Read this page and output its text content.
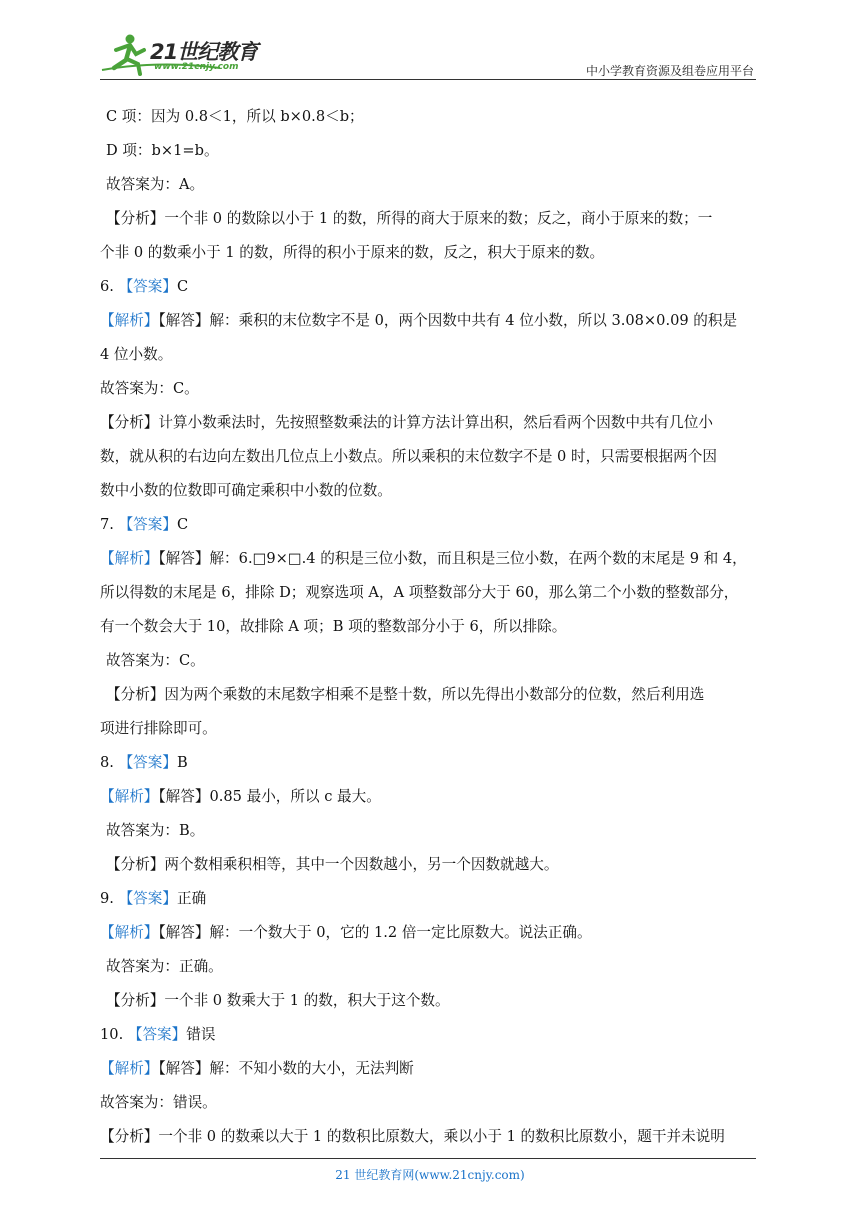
21世纪教育
www.21cnjy.com	中小学教育资源及组卷应用平台
C 项：因为 0.8＜1，所以 b×0.8＜b；
D 项：b×1=b。
故答案为：A。
【分析】一个非 0 的数除以小于 1 的数，所得的商大于原来的数；反之，商小于原来的数；一
个非 0 的数乘小于 1 的数，所得的积小于原来的数，反之，积大于原来的数。
6. 【答案】C
【解析】【解答】解：乘积的末位数字不是 0，两个因数中共有 4 位小数，所以 3.08×0.09 的积是
4 位小数。
故答案为：C。
【分析】计算小数乘法时，先按照整数乘法的计算方法计算出积，然后看两个因数中共有几位小
数，就从积的右边向左数出几位点上小数点。所以乘积的末位数字不是 0 时，只需要根据两个因
数中小数的位数即可确定乘积中小数的位数。
7. 【答案】C
【解析】【解答】解：6.□9×□.4 的积是三位小数，而且积是三位小数，在两个数的末尾是 9 和 4，
所以得数的末尾是 6，排除 D；观察选项 A，A 项整数部分大于 60，那么第二个小数的整数部分，
有一个数会大于 10，故排除 A 项；B 项的整数部分小于 6，所以排除。
故答案为：C。
【分析】因为两个乘数的末尾数字相乘不是整十数，所以先得出小数部分的位数，然后利用选
项进行排除即可。
8. 【答案】B
【解析】【解答】0.85 最小，所以 c 最大。
故答案为：B。
【分析】两个数相乘积相等，其中一个因数越小，另一个因数就越大。
9. 【答案】正确
【解析】【解答】解：一个数大于 0，它的 1.2 倍一定比原数大。说法正确。
故答案为：正确。
【分析】一个非 0 数乘大于 1 的数，积大于这个数。
10. 【答案】错误
【解析】【解答】解：不知小数的大小，无法判断
故答案为：错误。
【分析】一个非 0 的数乘以大于 1 的数积比原数大，乘以小于 1 的数积比原数小，题干并未说明
21 世纪教育网(www.21cnjy.com)
